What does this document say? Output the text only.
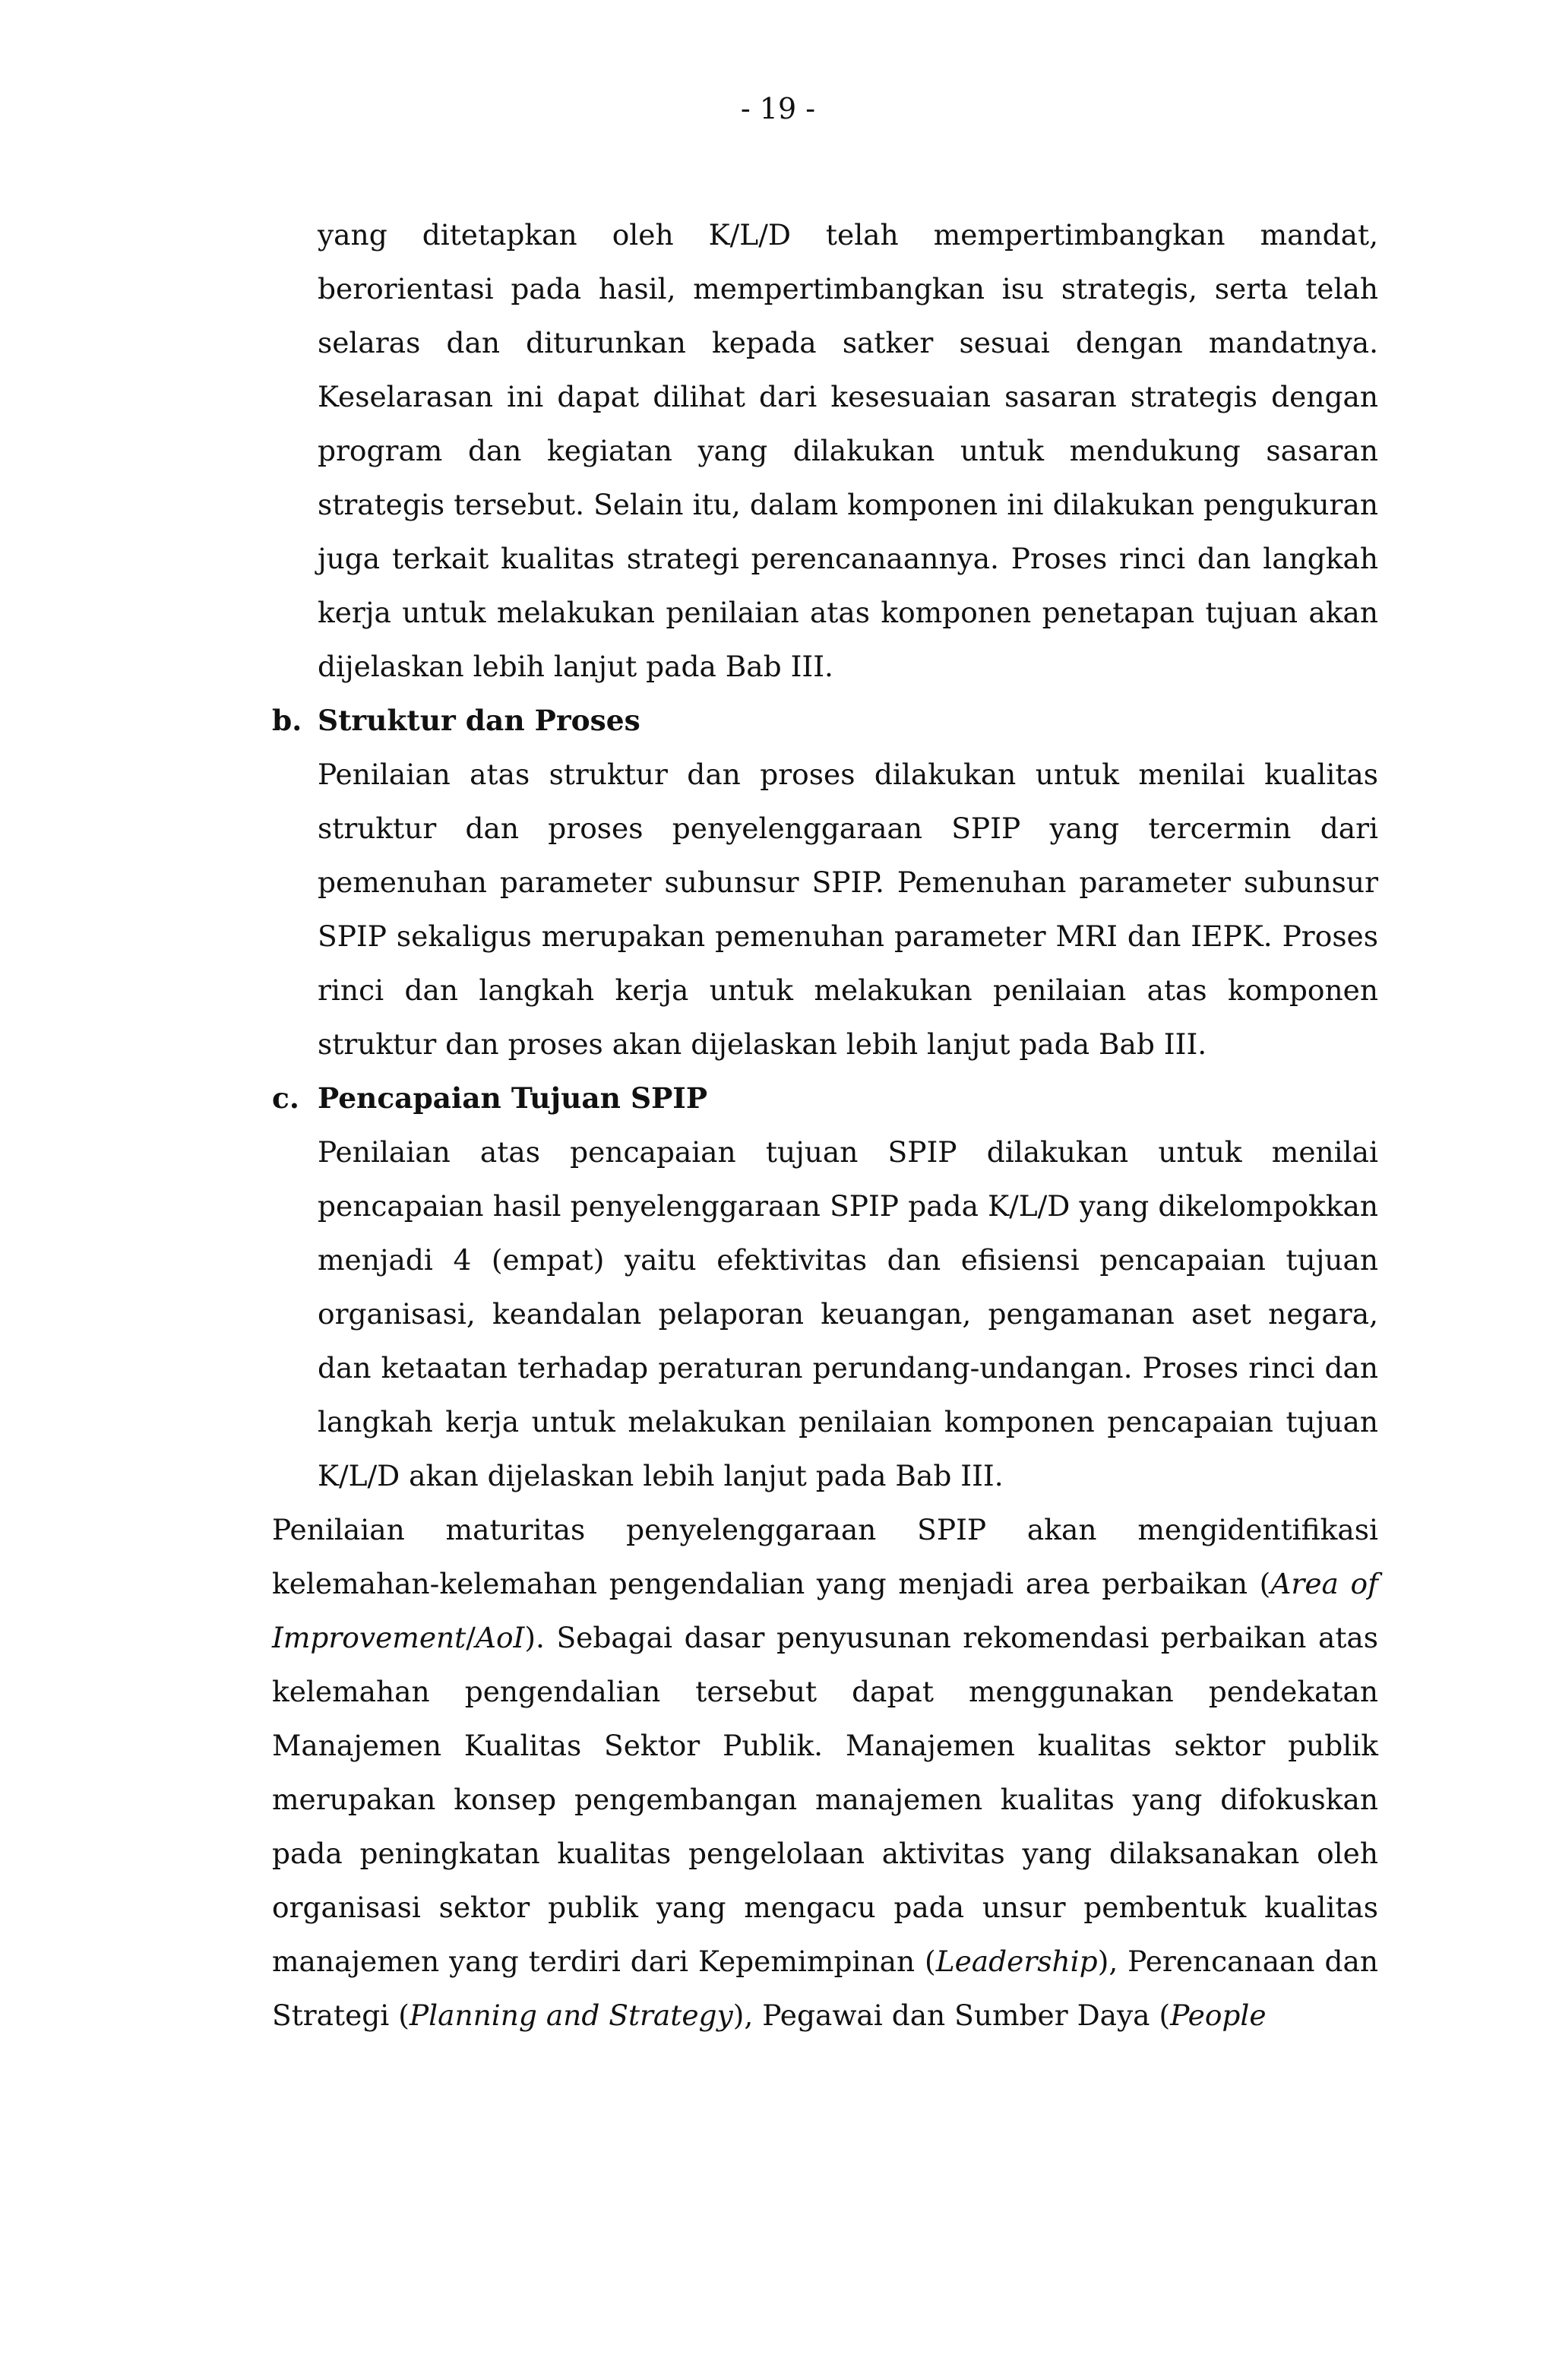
- 19 -

yang ditetapkan oleh K/L/D telah mempertimbangkan mandat, berorientasi pada hasil, mempertimbangkan isu strategis, serta telah selaras dan diturunkan kepada satker sesuai dengan mandatnya. Keselarasan ini dapat dilihat dari kesesuaian sasaran strategis dengan program dan kegiatan yang dilakukan untuk mendukung sasaran strategis tersebut. Selain itu, dalam komponen ini dilakukan pengukuran juga terkait kualitas strategi perencanaannya. Proses rinci dan langkah kerja untuk melakukan penilaian atas komponen penetapan tujuan akan dijelaskan lebih lanjut pada Bab III.

b. Struktur dan Proses

Penilaian atas struktur dan proses dilakukan untuk menilai kualitas struktur dan proses penyelenggaraan SPIP yang tercermin dari pemenuhan parameter subunsur SPIP. Pemenuhan parameter subunsur SPIP sekaligus merupakan pemenuhan parameter MRI dan IEPK. Proses rinci dan langkah kerja untuk melakukan penilaian atas komponen struktur dan proses akan dijelaskan lebih lanjut pada Bab III.

c. Pencapaian Tujuan SPIP

Penilaian atas pencapaian tujuan SPIP dilakukan untuk menilai pencapaian hasil penyelenggaraan SPIP pada K/L/D yang dikelompokkan menjadi 4 (empat) yaitu efektivitas dan efisiensi pencapaian tujuan organisasi, keandalan pelaporan keuangan, pengamanan aset negara, dan ketaatan terhadap peraturan perundang-undangan. Proses rinci dan langkah kerja untuk melakukan penilaian komponen pencapaian tujuan K/L/D akan dijelaskan lebih lanjut pada Bab III.

Penilaian maturitas penyelenggaraan SPIP akan mengidentifikasi kelemahan-kelemahan pengendalian yang menjadi area perbaikan (Area of Improvement/AoI). Sebagai dasar penyusunan rekomendasi perbaikan atas kelemahan pengendalian tersebut dapat menggunakan pendekatan Manajemen Kualitas Sektor Publik. Manajemen kualitas sektor publik merupakan konsep pengembangan manajemen kualitas yang difokuskan pada peningkatan kualitas pengelolaan aktivitas yang dilaksanakan oleh organisasi sektor publik yang mengacu pada unsur pembentuk kualitas manajemen yang terdiri dari Kepemimpinan (Leadership), Perencanaan dan Strategi (Planning and Strategy), Pegawai dan Sumber Daya (People
